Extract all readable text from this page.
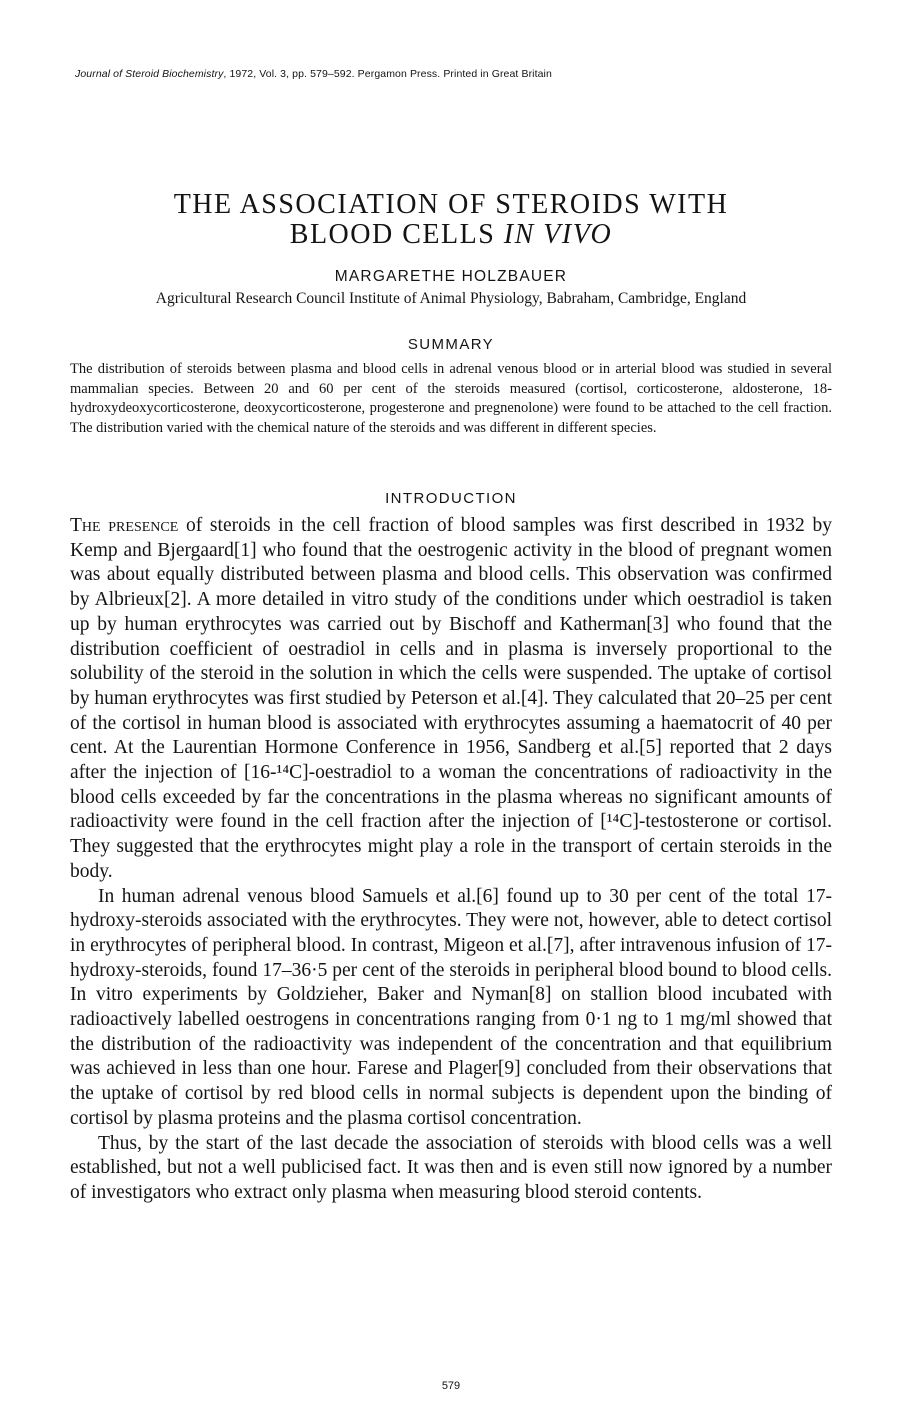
Journal of Steroid Biochemistry, 1972, Vol. 3, pp. 579–592. Pergamon Press. Printed in Great Britain
THE ASSOCIATION OF STEROIDS WITH
BLOOD CELLS IN VIVO
MARGARETHE HOLZBAUER
Agricultural Research Council Institute of Animal Physiology, Babraham, Cambridge, England
SUMMARY
The distribution of steroids between plasma and blood cells in adrenal venous blood or in arterial blood was studied in several mammalian species. Between 20 and 60 per cent of the steroids measured (cortisol, corticosterone, aldosterone, 18-hydroxydeoxycorticosterone, deoxycorticosterone, progesterone and pregnenolone) were found to be attached to the cell fraction. The distribution varied with the chemical nature of the steroids and was different in different species.
INTRODUCTION

The presence of steroids in the cell fraction of blood samples was first described in 1932 by Kemp and Bjergaard[1] who found that the oestrogenic activity in the blood of pregnant women was about equally distributed between plasma and blood cells. This observation was confirmed by Albrieux[2]. A more detailed in vitro study of the conditions under which oestradiol is taken up by human erythrocytes was carried out by Bischoff and Katherman[3] who found that the distribution coefficient of oestradiol in cells and in plasma is inversely proportional to the solubility of the steroid in the solution in which the cells were suspended. The uptake of cortisol by human erythrocytes was first studied by Peterson et al.[4]. They calculated that 20–25 per cent of the cortisol in human blood is associated with erythrocytes assuming a haematocrit of 40 per cent. At the Laurentian Hormone Conference in 1956, Sandberg et al.[5] reported that 2 days after the injection of [16-¹⁴C]-oestradiol to a woman the concentrations of radioactivity in the blood cells exceeded by far the concentrations in the plasma whereas no significant amounts of radioactivity were found in the cell fraction after the injection of [¹⁴C]-testosterone or cortisol. They suggested that the erythrocytes might play a role in the transport of certain steroids in the body.

In human adrenal venous blood Samuels et al.[6] found up to 30 per cent of the total 17-hydroxy-steroids associated with the erythrocytes. They were not, however, able to detect cortisol in erythrocytes of peripheral blood. In contrast, Migeon et al.[7], after intravenous infusion of 17-hydroxy-steroids, found 17–36·5 per cent of the steroids in peripheral blood bound to blood cells. In vitro experiments by Goldzieher, Baker and Nyman[8] on stallion blood incubated with radioactively labelled oestrogens in concentrations ranging from 0·1 ng to 1 mg/ml showed that the distribution of the radioactivity was independent of the concentration and that equilibrium was achieved in less than one hour. Farese and Plager[9] concluded from their observations that the uptake of cortisol by red blood cells in normal subjects is dependent upon the binding of cortisol by plasma proteins and the plasma cortisol concentration.

Thus, by the start of the last decade the association of steroids with blood cells was a well established, but not a well publicised fact. It was then and is even still now ignored by a number of investigators who extract only plasma when measuring blood steroid contents.

579
